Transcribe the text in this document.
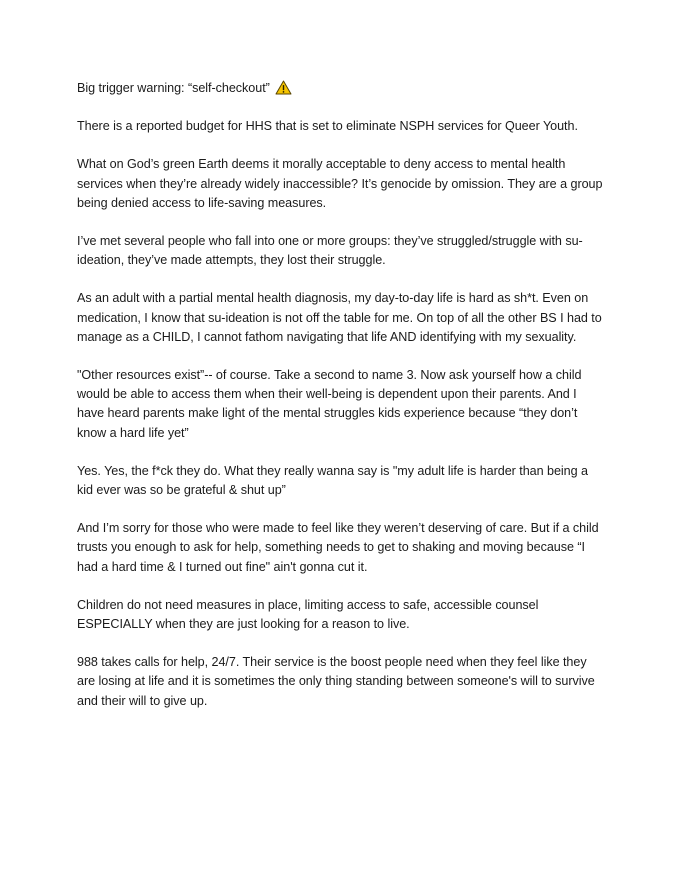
Big trigger warning: “self-checkout”

There is a reported budget for HHS that is set to eliminate NSPH services for Queer Youth.

What on God’s green Earth deems it morally acceptable to deny access to mental health services when they’re already widely inaccessible? It’s genocide by omission. They are a group being denied access to life-saving measures.

I’ve met several people who fall into one or more groups: they’ve struggled/struggle with su-ideation, they’ve made attempts, they lost their struggle.

As an adult with a partial mental health diagnosis, my day-to-day life is hard as sh*t. Even on medication, I know that su-ideation is not off the table for me. On top of all the other BS I had to manage as a CHILD, I cannot fathom navigating that life AND identifying with my sexuality.

"Other resources exist”-- of course. Take a second to name 3. Now ask yourself how a child would be able to access them when their well-being is dependent upon their parents. And I have heard parents make light of the mental struggles kids experience because “they don’t know a hard life yet”

Yes. Yes, the f*ck they do. What they really wanna say is "my adult life is harder than being a kid ever was so be grateful & shut up”

And I’m sorry for those who were made to feel like they weren’t deserving of care. But if a child trusts you enough to ask for help, something needs to get to shaking and moving because “I had a hard time & I turned out fine" ain't gonna cut it.

Children do not need measures in place, limiting access to safe, accessible counsel ESPECIALLY when they are just looking for a reason to live.

988 takes calls for help, 24/7. Their service is the boost people need when they feel like they are losing at life and it is sometimes the only thing standing between someone's will to survive and their will to give up.
